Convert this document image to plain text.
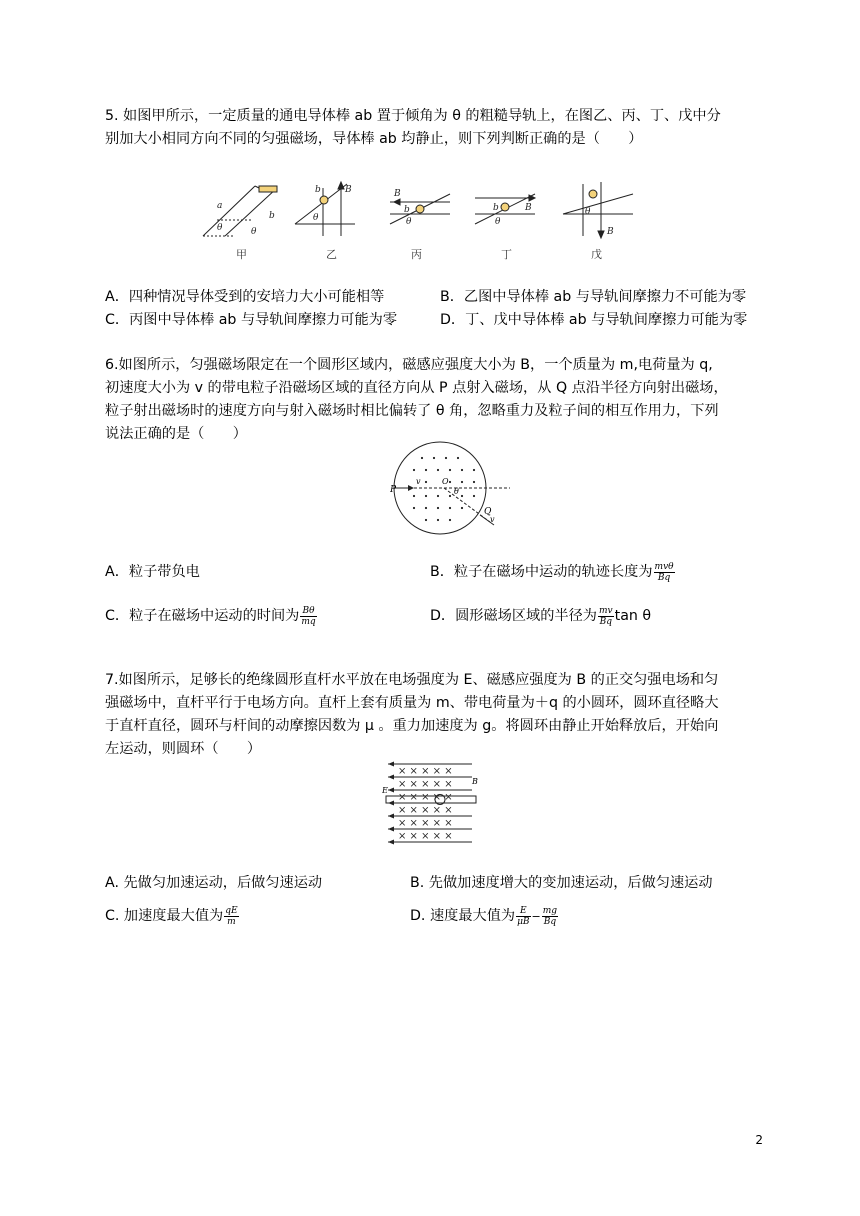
5. 如图甲所示，一定质量的通电导体棒 ab 置于倾角为 θ 的粗糙导轨上，在图乙、丙、丁、戊中分
别加大小相同方向不同的匀强磁场，导体棒 ab 均静止，则下列判断正确的是（　　）
a
b
θ	θ
B
b
θ
B
b
θ
B
b
θ
B
θ
甲	乙	丙	丁	戊
A．四种情况导体受到的安培力大小可能相等	B．乙图中导体棒 ab 与导轨间摩擦力不可能为零
C．丙图中导体棒 ab 与导轨间摩擦力可能为零	D．丁、戊中导体棒 ab 与导轨间摩擦力可能为零
6.如图所示，匀强磁场限定在一个圆形区域内，磁感应强度大小为 B，一个质量为 m,电荷量为 q,
初速度大小为 v 的带电粒子沿磁场区域的直径方向从 P 点射入磁场，从 Q 点沿半径方向射出磁场，
粒子射出磁场时的速度方向与射入磁场时相比偏转了 θ 角，忽略重力及粒子间的相互作用力，下列
说法正确的是（　　）
P
v	O
θ
Q
v
A．粒子带负电	B．粒子在磁场中运动的轨迹长度为 $\frac{\text{mvθ}}{Bq}$
C．粒子在磁场中运动的时间为 $\frac{B\theta}{mq}$	D．圆形磁场区域的半径为 $\frac{mv}{Bq}$ tan θ
7.如图所示，足够长的绝缘圆形直杆水平放在电场强度为 E、磁感应强度为 B 的正交匀强电场和匀
强磁场中，直杆平行于电场方向。直杆上套有质量为 m、带电荷量为＋q 的小圆环，圆环直径略大
于直杆直径，圆环与杆间的动摩擦因数为 μ 。重力加速度为 g。将圆环由静止开始释放后，开始向
左运动，则圆环（　　）
× × × × ×
× × × × ×
× × × × ×
× × × × ×
× × × × ×
× × × × ×
E
B
A. 先做匀加速运动，后做匀速运动	B. 先做加速度增大的变加速运动，后做匀速运动
C. 加速度最大值为 $\frac{qE}{m}$	D. 速度最大值为 $\frac{E}{\mu B} - \frac{mg}{Bq}$
2
